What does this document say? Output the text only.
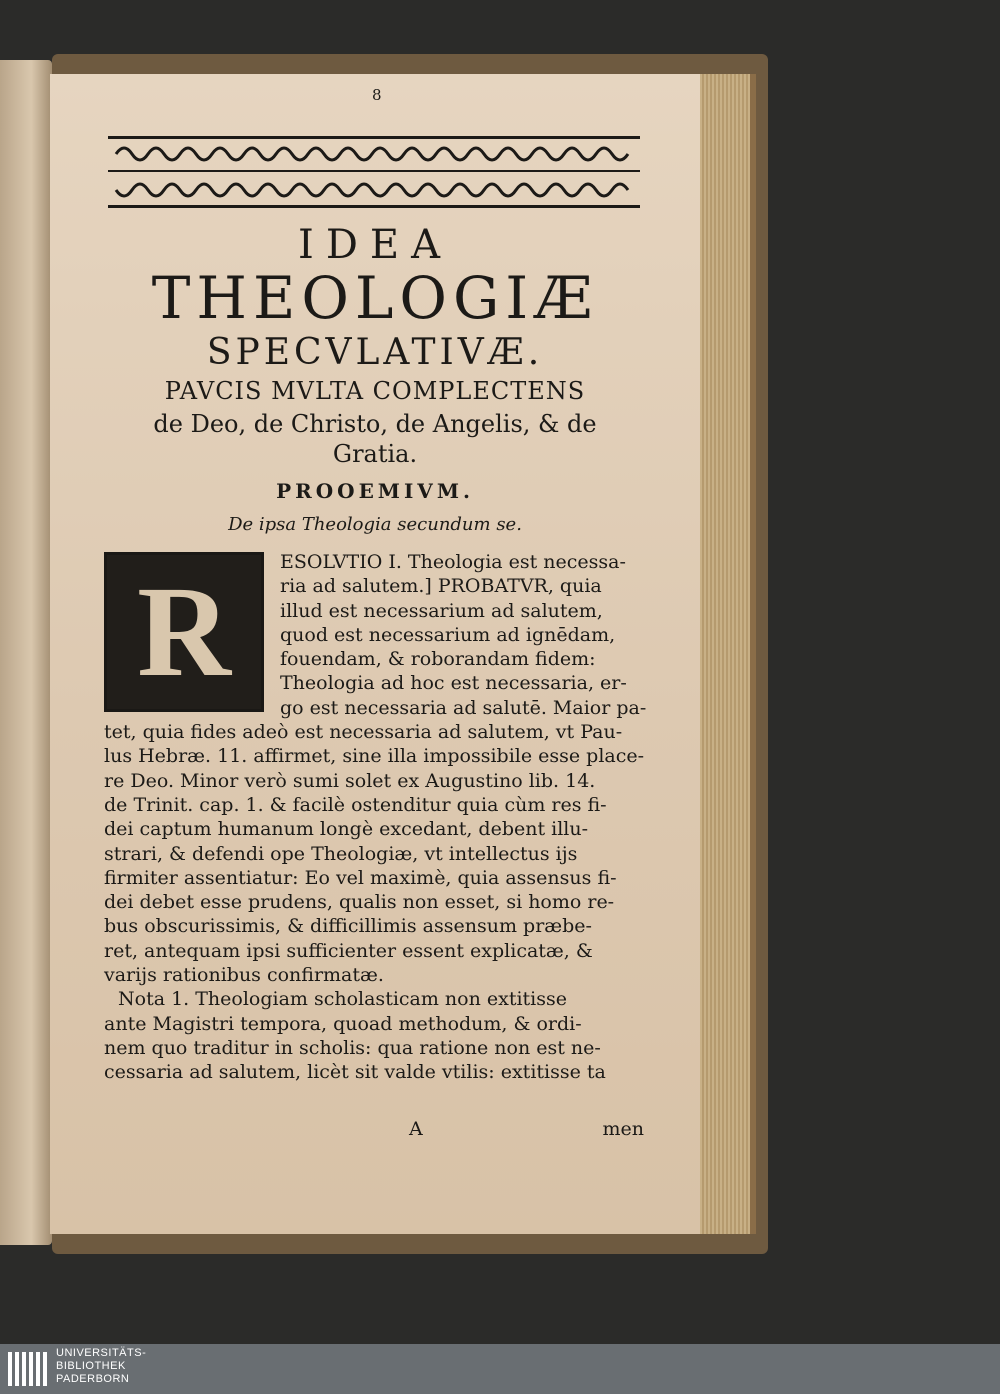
8
IDEA
THEOLOGIÆ
SPECVLATIVÆ.
PAVCIS MVLTA COMPLECTENS
de Deo, de Christo, de Angelis, & de Gratia.
PROOEMIVM.
De ipsa Theologia secundum se.
R	ESOLVTIO I. Theologia est necessa-
ria ad salutem.] PROBATVR, quia
illud est necessarium ad salutem,
quod est necessarium ad ignēdam,
fouendam, & roborandam fidem:
Theologia ad hoc est necessaria, er-
go est necessaria ad salutē. Maior pa-
tet, quia fides adeò est necessaria ad salutem, vt Pau-
lus Hebræ. 11. affirmet, sine illa impossibile esse place-
re Deo. Minor verò sumi solet ex Augustino lib. 14.
de Trinit. cap. 1. & facilè ostenditur quia cùm res fi-
dei captum humanum longè excedant, debent illu-
strari, & defendi ope Theologiæ, vt intellectus ijs
firmiter assentiatur: Eo vel maximè, quia assensus fi-
dei debet esse prudens, qualis non esset, si homo re-
bus obscurissimis, & difficillimis assensum præbe-
ret, antequam ipsi sufficienter essent explicatæ, &
varijs rationibus confirmatæ.
Nota 1. Theologiam scholasticam non extitisse
ante Magistri tempora, quoad methodum, & ordi-
nem quo traditur in scholis: qua ratione non est ne-
cessaria ad salutem, licèt sit valde vtilis: extitisse ta
A	men
UNIVERSITÄTS-
BIBLIOTHEK
PADERBORN
